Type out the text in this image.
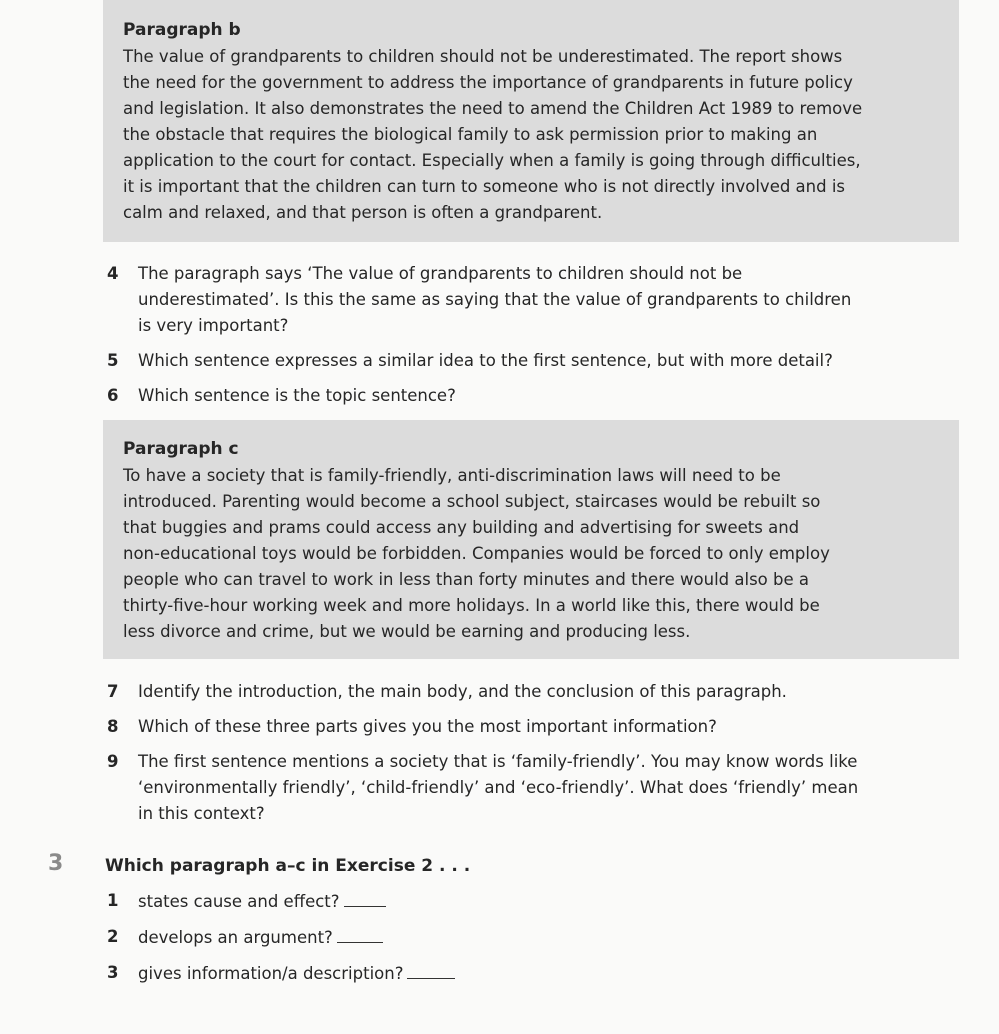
Paragraph b
The value of grandparents to children should not be underestimated. The report shows
the need for the government to address the importance of grandparents in future policy
and legislation. It also demonstrates the need to amend the Children Act 1989 to remove
the obstacle that requires the biological family to ask permission prior to making an
application to the court for contact. Especially when a family is going through difficulties,
it is important that the children can turn to someone who is not directly involved and is
calm and relaxed, and that person is often a grandparent.
4 The paragraph says ‘The value of grandparents to children should not be
underestimated’. Is this the same as saying that the value of grandparents to children
is very important?
5 Which sentence expresses a similar idea to the first sentence, but with more detail?
6 Which sentence is the topic sentence?
Paragraph c
To have a society that is family-friendly, anti-discrimination laws will need to be
introduced. Parenting would become a school subject, staircases would be rebuilt so
that buggies and prams could access any building and advertising for sweets and
non-educational toys would be forbidden. Companies would be forced to only employ
people who can travel to work in less than forty minutes and there would also be a
thirty-five-hour working week and more holidays. In a world like this, there would be
less divorce and crime, but we would be earning and producing less.
7 Identify the introduction, the main body, and the conclusion of this paragraph.
8 Which of these three parts gives you the most important information?
9 The first sentence mentions a society that is ‘family-friendly’. You may know words like
‘environmentally friendly’, ‘child-friendly’ and ‘eco-friendly’. What does ‘friendly’ mean
in this context?
3 Which paragraph a–c in Exercise 2 . . .
1 states cause and effect?
2 develops an argument?
3 gives information/a description?
